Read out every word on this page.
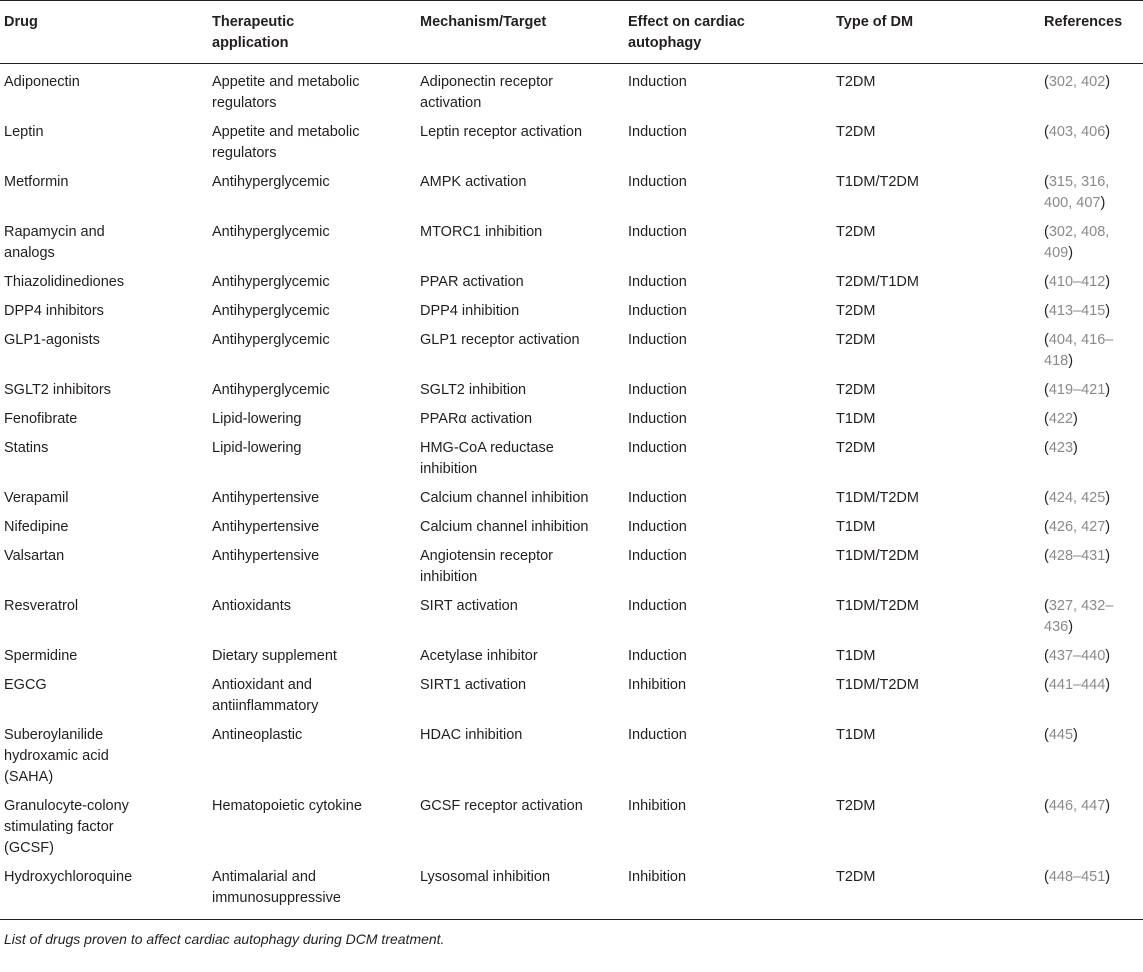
Drug	Therapeutic application	Mechanism/Target	Effect on cardiac autophagy	Type of DM	References

Adiponectin	Appetite and metabolic regulators	Adiponectin receptor activation	Induction	T2DM	(302, 402)

Leptin	Appetite and metabolic regulators	Leptin receptor activation	Induction	T2DM	(403, 406)

Metformin	Antihyperglycemic	AMPK activation	Induction	T1DM/T2DM	(315, 316, 400, 407)

Rapamycin and analogs	Antihyperglycemic	MTORC1 inhibition	Induction	T2DM	(302, 408, 409)

Thiazolidinediones	Antihyperglycemic	PPAR activation	Induction	T2DM/T1DM	(410–412)

DPP4 inhibitors	Antihyperglycemic	DPP4 inhibition	Induction	T2DM	(413–415)

GLP1-agonists	Antihyperglycemic	GLP1 receptor activation	Induction	T2DM	(404, 416–418)

SGLT2 inhibitors	Antihyperglycemic	SGLT2 inhibition	Induction	T2DM	(419–421)

Fenofibrate	Lipid-lowering	PPARα activation	Induction	T1DM	(422)

Statins	Lipid-lowering	HMG-CoA reductase inhibition	Induction	T2DM	(423)

Verapamil	Antihypertensive	Calcium channel inhibition	Induction	T1DM/T2DM	(424, 425)

Nifedipine	Antihypertensive	Calcium channel inhibition	Induction	T1DM	(426, 427)

Valsartan	Antihypertensive	Angiotensin receptor inhibition	Induction	T1DM/T2DM	(428–431)

Resveratrol	Antioxidants	SIRT activation	Induction	T1DM/T2DM	(327, 432–436)

Spermidine	Dietary supplement	Acetylase inhibitor	Induction	T1DM	(437–440)

EGCG	Antioxidant and antiinflammatory	SIRT1 activation	Inhibition	T1DM/T2DM	(441–444)

Suberoylanilide hydroxamic acid (SAHA)	Antineoplastic	HDAC inhibition	Induction	T1DM	(445)

Granulocyte-colony stimulating factor (GCSF)	Hematopoietic cytokine	GCSF receptor activation	Inhibition	T2DM	(446, 447)

Hydroxychloroquine	Antimalarial and immunosuppressive	Lysosomal inhibition	Inhibition	T2DM	(448–451)
List of drugs proven to affect cardiac autophagy during DCM treatment.
